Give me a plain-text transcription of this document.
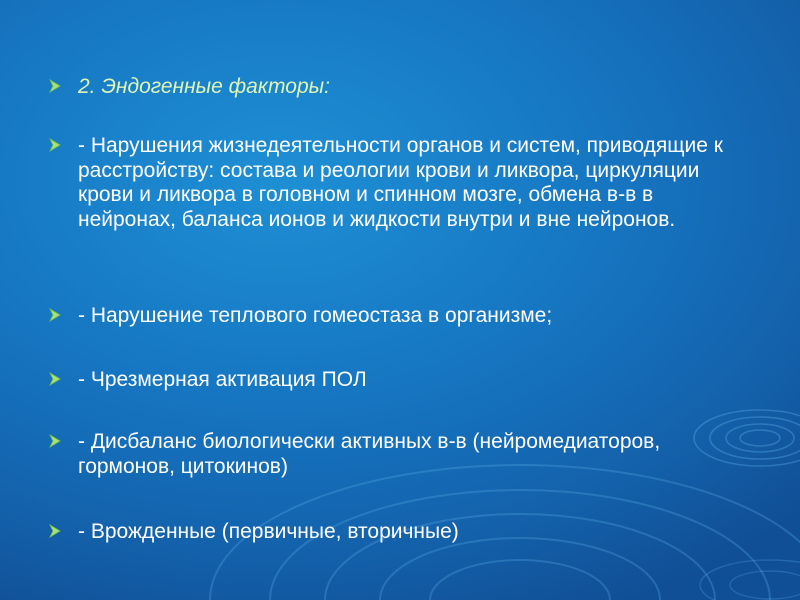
2. Эндогенные факторы:
- Нарушения жизнедеятельности органов и систем, приводящие к расстройству: состава и реологии крови и ликвора, циркуляции крови и ликвора в головном и спинном мозге, обмена в-в в нейронах, баланса ионов и жидкости внутри и вне нейронов.
- Нарушение теплового гомеостаза в организме;
- Чрезмерная активация ПОЛ
- Дисбаланс биологически активных в-в (нейромедиаторов, гормонов, цитокинов)
- Врожденные (первичные, вторичные)
